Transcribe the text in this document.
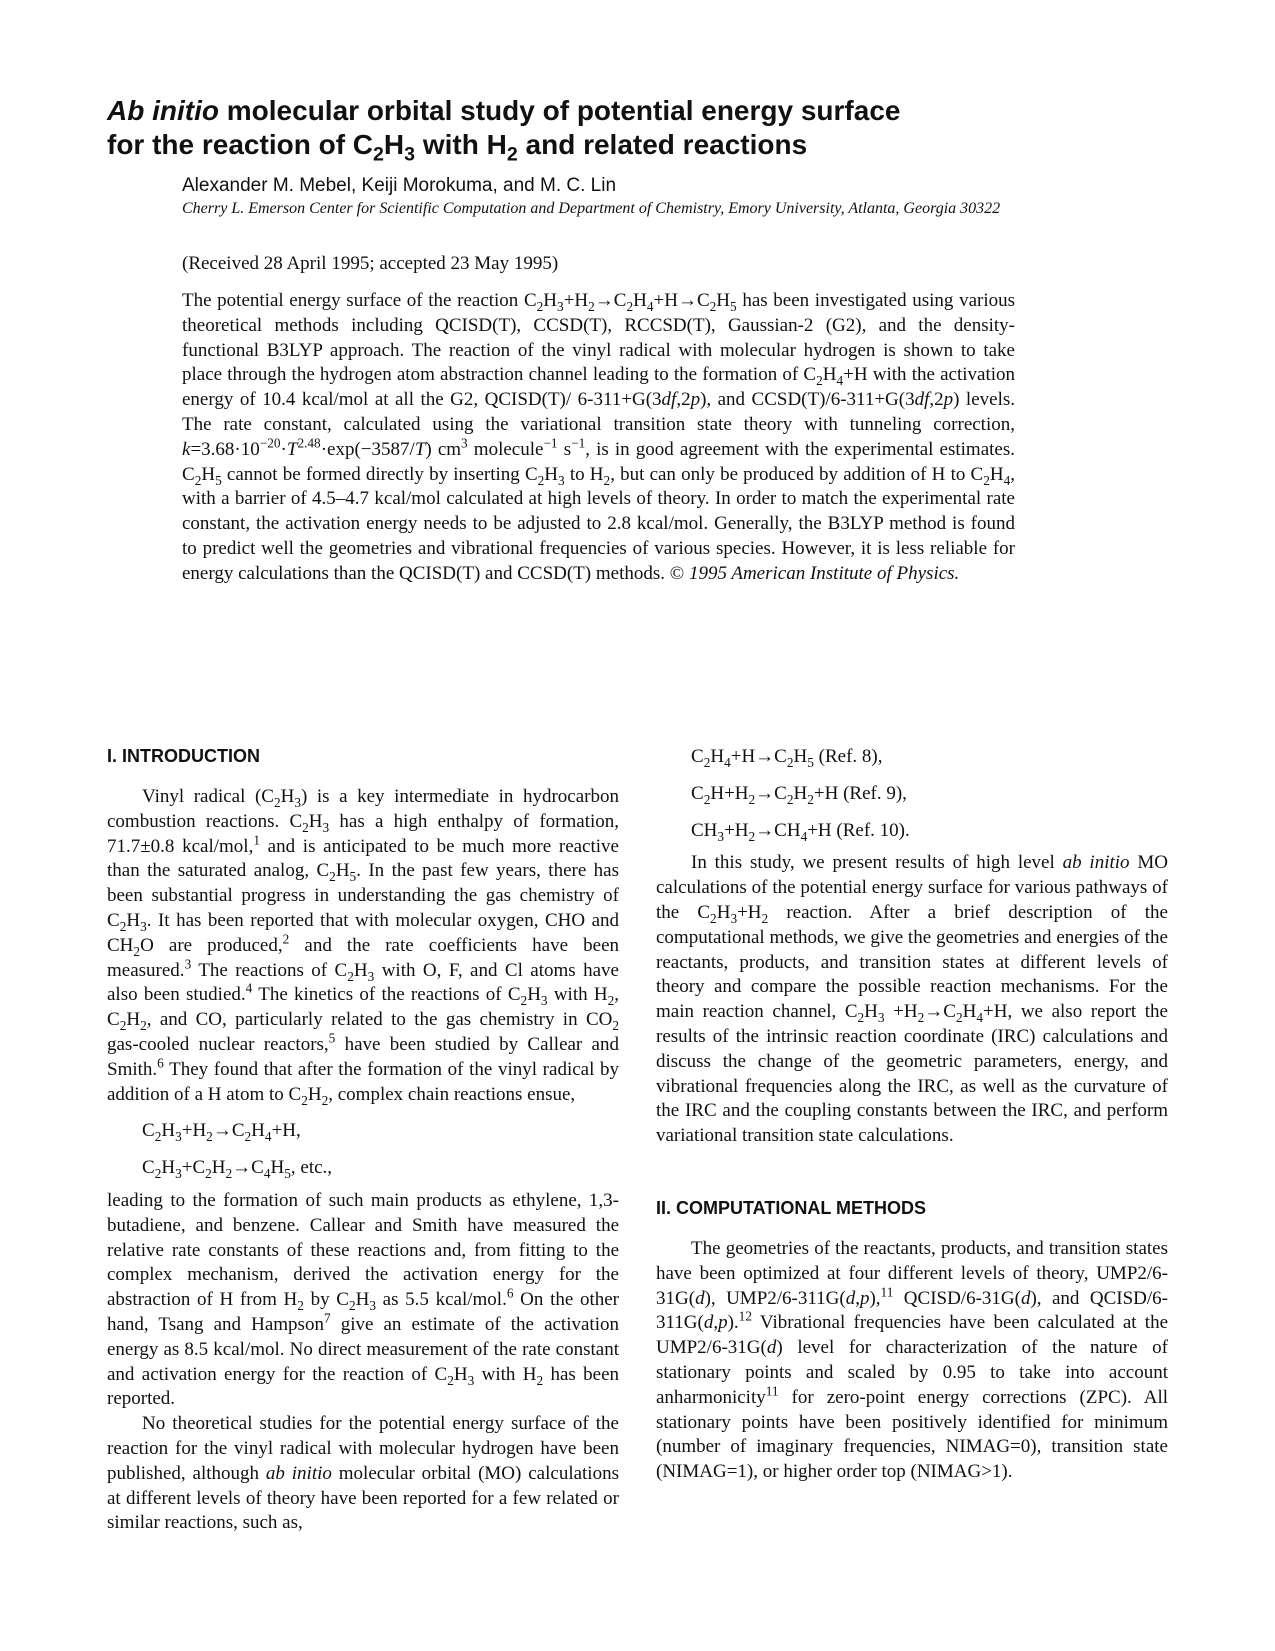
Ab initio molecular orbital study of potential energy surface
for the reaction of $C_2H_3$ with $H_2$ and related reactions
Alexander M. Mebel, Keiji Morokuma, and M. C. Lin
Cherry L. Emerson Center for Scientific Computation and Department of Chemistry, Emory University, Atlanta, Georgia 30322
(Received 28 April 1995; accepted 23 May 1995)
The potential energy surface of the reaction $C_2H_3+H_2\to C_2H_4+H\to C_2H_5$ has been investigated using various theoretical methods including QCISD(T), CCSD(T), RCCSD(T), Gaussian-2 (G2), and the density-functional B3LYP approach. The reaction of the vinyl radical with molecular hydrogen is shown to take place through the hydrogen atom abstraction channel leading to the formation of $C_2H_4+H$ with the activation energy of 10.4 kcal/mol at all the G2, QCISD(T)/ 6-311+G(3df,2p), and CCSD(T)/6-311+G(3df,2p) levels. The rate constant, calculated using the variational transition state theory with tunneling correction, $k=3.68\cdot 10^{-20}\cdot T^{2.48}\cdot\exp(-3587/T)$ $cm^3$ molecule$^{-1}$ $s^{-1}$, is in good agreement with the experimental estimates. $C_2H_5$ cannot be formed directly by inserting $C_2H_3$ to $H_2$, but can only be produced by addition of H to $C_2H_4$, with a barrier of 4.5–4.7 kcal/mol calculated at high levels of theory. In order to match the experimental rate constant, the activation energy needs to be adjusted to 2.8 kcal/mol. Generally, the B3LYP method is found to predict well the geometries and vibrational frequencies of various species. However, it is less reliable for energy calculations than the QCISD(T) and CCSD(T) methods. © 1995 American Institute of Physics.
I. INTRODUCTION

Vinyl radical $(C_2H_3)$ is a key intermediate in hydrocarbon combustion reactions. $C_2H_3$ has a high enthalpy of formation, 71.7±0.8 kcal/mol,$^1$ and is anticipated to be much more reactive than the saturated analog, $C_2H_5$. In the past few years, there has been substantial progress in understanding the gas chemistry of $C_2H_3$. It has been reported that with molecular oxygen, CHO and $CH_2O$ are produced,$^2$ and the rate coefficients have been measured.$^3$ The reactions of $C_2H_3$ with O, F, and Cl atoms have also been studied.$^4$ The kinetics of the reactions of $C_2H_3$ with $H_2$, $C_2H_2$, and CO, particularly related to the gas chemistry in $CO_2$ gas-cooled nuclear reactors,$^5$ have been studied by Callear and Smith.$^6$ They found that after the formation of the vinyl radical by addition of a H atom to $C_2H_2$, complex chain reactions ensue,

$C_2H_3+H_2\to C_2H_4+H$,

$C_2H_3+C_2H_2\to C_4H_5$, etc.,

leading to the formation of such main products as ethylene, 1,3-butadiene, and benzene. Callear and Smith have measured the relative rate constants of these reactions and, from fitting to the complex mechanism, derived the activation energy for the abstraction of H from $H_2$ by $C_2H_3$ as 5.5 kcal/mol.$^6$ On the other hand, Tsang and Hampson$^7$ give an estimate of the activation energy as 8.5 kcal/mol. No direct measurement of the rate constant and activation energy for the reaction of $C_2H_3$ with $H_2$ has been reported.

No theoretical studies for the potential energy surface of the reaction for the vinyl radical with molecular hydrogen have been published, although ab initio molecular orbital (MO) calculations at different levels of theory have been reported for a few related or similar reactions, such as,

$C_2H_4+H\to C_2H_5$ (Ref. 8),

$C_2H+H_2\to C_2H_2+H$ (Ref. 9),

$CH_3+H_2\to CH_4+H$ (Ref. 10).

In this study, we present results of high level ab initio MO calculations of the potential energy surface for various pathways of the $C_2H_3+H_2$ reaction. After a brief description of the computational methods, we give the geometries and energies of the reactants, products, and transition states at different levels of theory and compare the possible reaction mechanisms. For the main reaction channel, $C_2H_3 +H_2\to C_2H_4+H$, we also report the results of the intrinsic reaction coordinate (IRC) calculations and discuss the change of the geometric parameters, energy, and vibrational frequencies along the IRC, as well as the curvature of the IRC and the coupling constants between the IRC, and perform variational transition state calculations.

II. COMPUTATIONAL METHODS

The geometries of the reactants, products, and transition states have been optimized at four different levels of theory, UMP2/6-31G(d), UMP2/6-311G(d,p),$^{11}$ QCISD/6-31G(d), and QCISD/6-311G(d,p).$^{12}$ Vibrational frequencies have been calculated at the UMP2/6-31G(d) level for characterization of the nature of stationary points and scaled by 0.95 to take into account anharmonicity$^{11}$ for zero-point energy corrections (ZPC). All stationary points have been positively identified for minimum (number of imaginary frequencies, NIMAG=0), transition state (NIMAG=1), or higher order top (NIMAG>1).
